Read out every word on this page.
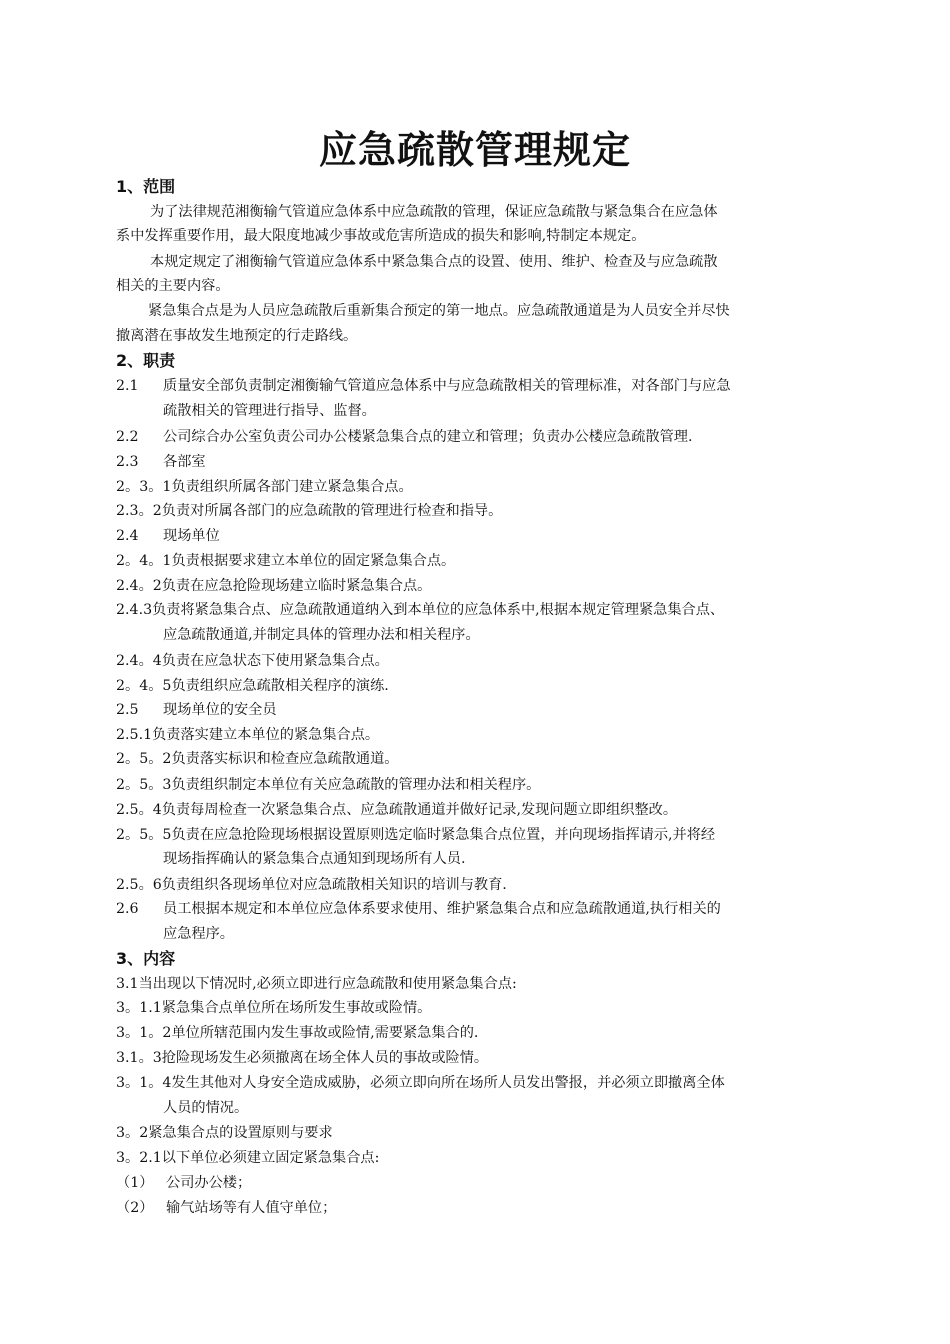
应急疏散管理规定
1、范围
为了法律规范湘衡输气管道应急体系中应急疏散的管理，保证应急疏散与紧急集合在应急体
系中发挥重要作用，最大限度地减少事故或危害所造成的损失和影响,特制定本规定。
本规定规定了湘衡输气管道应急体系中紧急集合点的设置、使用、维护、检查及与应急疏散
相关的主要内容。
紧急集合点是为人员应急疏散后重新集合预定的第一地点。应急疏散通道是为人员安全并尽快
撤离潜在事故发生地预定的行走路线。
2、职责
2.1 质量安全部负责制定湘衡输气管道应急体系中与应急疏散相关的管理标准，对各部门与应急
疏散相关的管理进行指导、监督。
2.2 公司综合办公室负责公司办公楼紧急集合点的建立和管理；负责办公楼应急疏散管理.
2.3 各部室
2。3。1负责组织所属各部门建立紧急集合点。
2.3。2负责对所属各部门的应急疏散的管理进行检查和指导。
2.4 现场单位
2。4。1负责根据要求建立本单位的固定紧急集合点。
2.4。2负责在应急抢险现场建立临时紧急集合点。
2.4.3负责将紧急集合点、应急疏散通道纳入到本单位的应急体系中,根据本规定管理紧急集合点、
应急疏散通道,并制定具体的管理办法和相关程序。
2.4。4负责在应急状态下使用紧急集合点。
2。4。5负责组织应急疏散相关程序的演练.
2.5 现场单位的安全员
2.5.1负责落实建立本单位的紧急集合点。
2。5。2负责落实标识和检查应急疏散通道。
2。5。3负责组织制定本单位有关应急疏散的管理办法和相关程序。
2.5。4负责每周检查一次紧急集合点、应急疏散通道并做好记录,发现问题立即组织整改。
2。5。5负责在应急抢险现场根据设置原则选定临时紧急集合点位置，并向现场指挥请示,并将经
现场指挥确认的紧急集合点通知到现场所有人员.
2.5。6负责组织各现场单位对应急疏散相关知识的培训与教育.
2.6 员工根据本规定和本单位应急体系要求使用、维护紧急集合点和应急疏散通道,执行相关的
应急程序。
3、内容
3.1当出现以下情况时,必须立即进行应急疏散和使用紧急集合点:
3。1.1紧急集合点单位所在场所发生事故或险情。
3。1。2单位所辖范围内发生事故或险情,需要紧急集合的.
3.1。3抢险现场发生必须撤离在场全体人员的事故或险情。
3。1。4发生其他对人身安全造成威胁，必须立即向所在场所人员发出警报，并必须立即撤离全体
人员的情况。
3。2紧急集合点的设置原则与要求
3。2.1以下单位必须建立固定紧急集合点:
（1） 公司办公楼；
（2） 输气站场等有人值守单位；
